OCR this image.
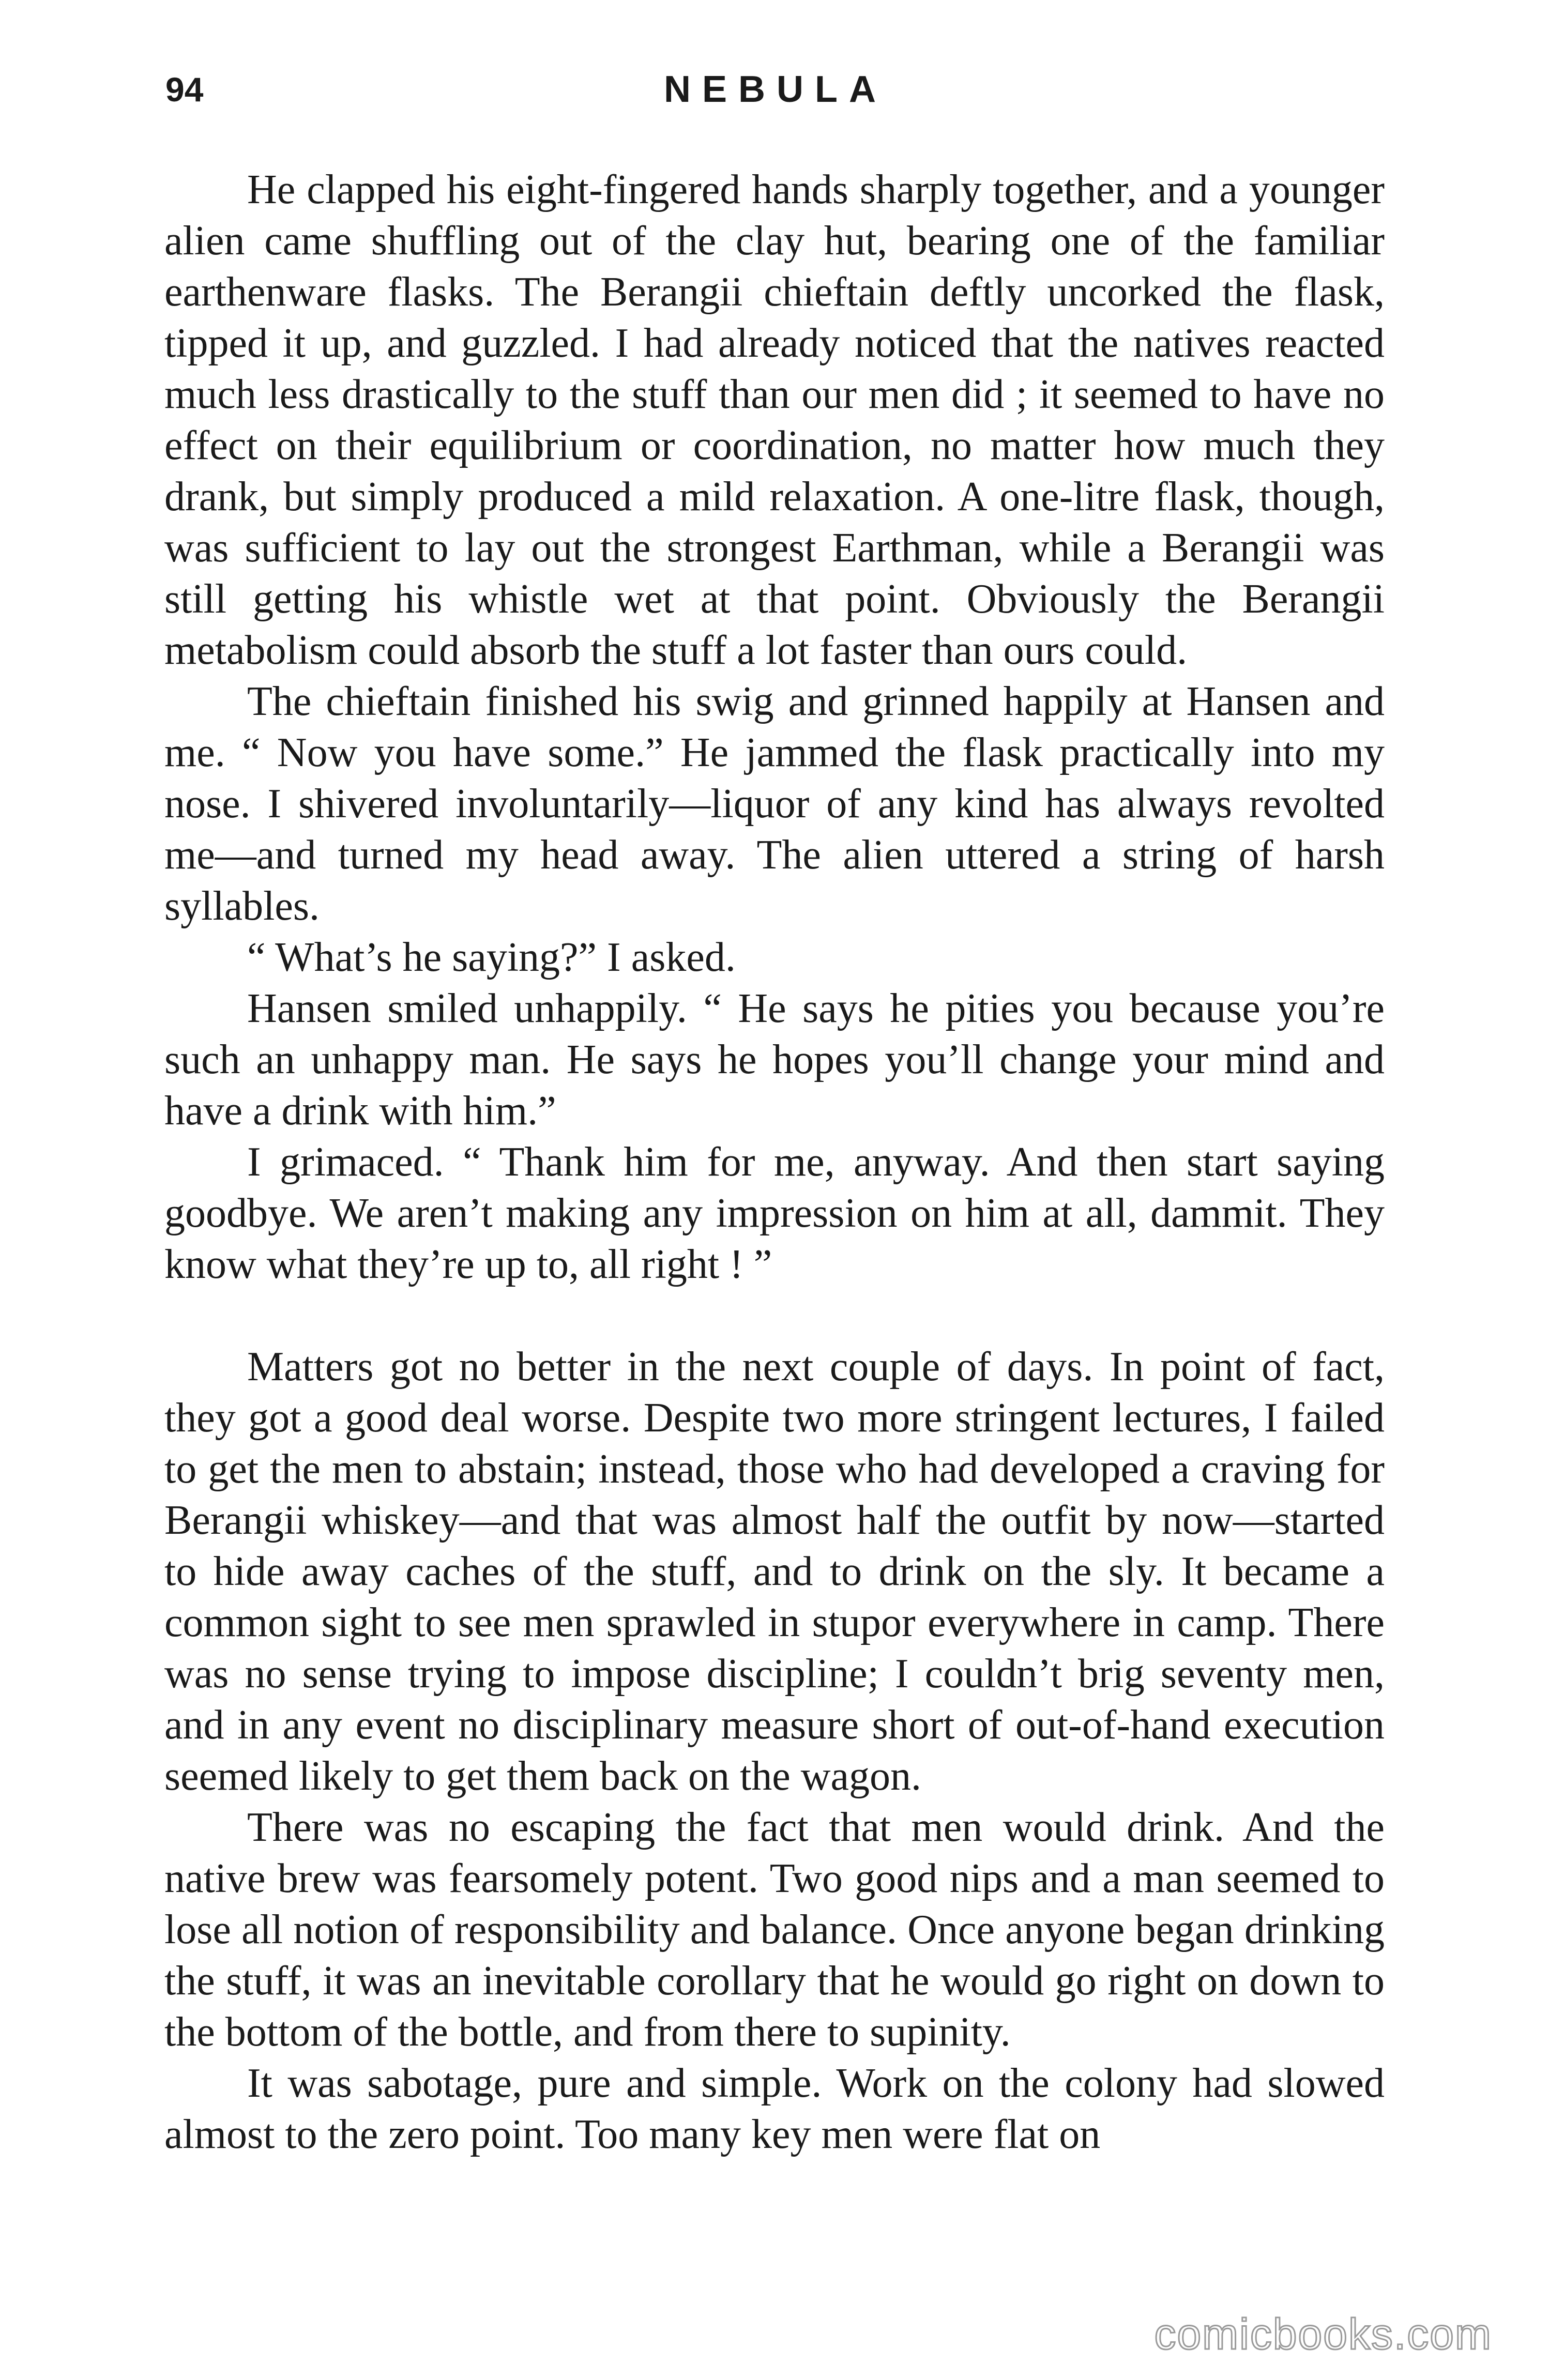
94	NEBULA

He clapped his eight-fingered hands sharply together, and a younger alien came shuffling out of the clay hut, bearing one of the familiar earthenware flasks. The Berangii chieftain deftly uncorked the flask, tipped it up, and guzzled. I had already noticed that the natives reacted much less drastically to the stuff than our men did ; it seemed to have no effect on their equilibrium or coordination, no matter how much they drank, but simply produced a mild relaxation. A one-litre flask, though, was sufficient to lay out the strongest Earthman, while a Berangii was still getting his whistle wet at that point. Obviously the Berangii metabolism could absorb the stuff a lot faster than ours could.

The chieftain finished his swig and grinned happily at Hansen and me. “ Now you have some.” He jammed the flask practically into my nose. I shivered involuntarily—liquor of any kind has always revolted me—and turned my head away. The alien uttered a string of harsh syllables.

“ What’s he saying?” I asked.

Hansen smiled unhappily. “ He says he pities you because you’re such an unhappy man. He says he hopes you’ll change your mind and have a drink with him.”

I grimaced. “ Thank him for me, anyway. And then start saying goodbye. We aren’t making any impression on him at all, dammit. They know what they’re up to, all right ! ”

Matters got no better in the next couple of days. In point of fact, they got a good deal worse. Despite two more stringent lectures, I failed to get the men to abstain; instead, those who had developed a craving for Berangii whiskey—and that was almost half the outfit by now—started to hide away caches of the stuff, and to drink on the sly. It became a common sight to see men sprawled in stupor everywhere in camp. There was no sense trying to impose discipline; I couldn’t brig seventy men, and in any event no disciplinary measure short of out-of-hand execution seemed likely to get them back on the wagon.

There was no escaping the fact that men would drink. And the native brew was fearsomely potent. Two good nips and a man seemed to lose all notion of responsibility and balance. Once anyone began drinking the stuff, it was an inevitable corollary that he would go right on down to the bottom of the bottle, and from there to supinity.

It was sabotage, pure and simple. Work on the colony had slowed almost to the zero point. Too many key men were flat on

comicbooks.com
